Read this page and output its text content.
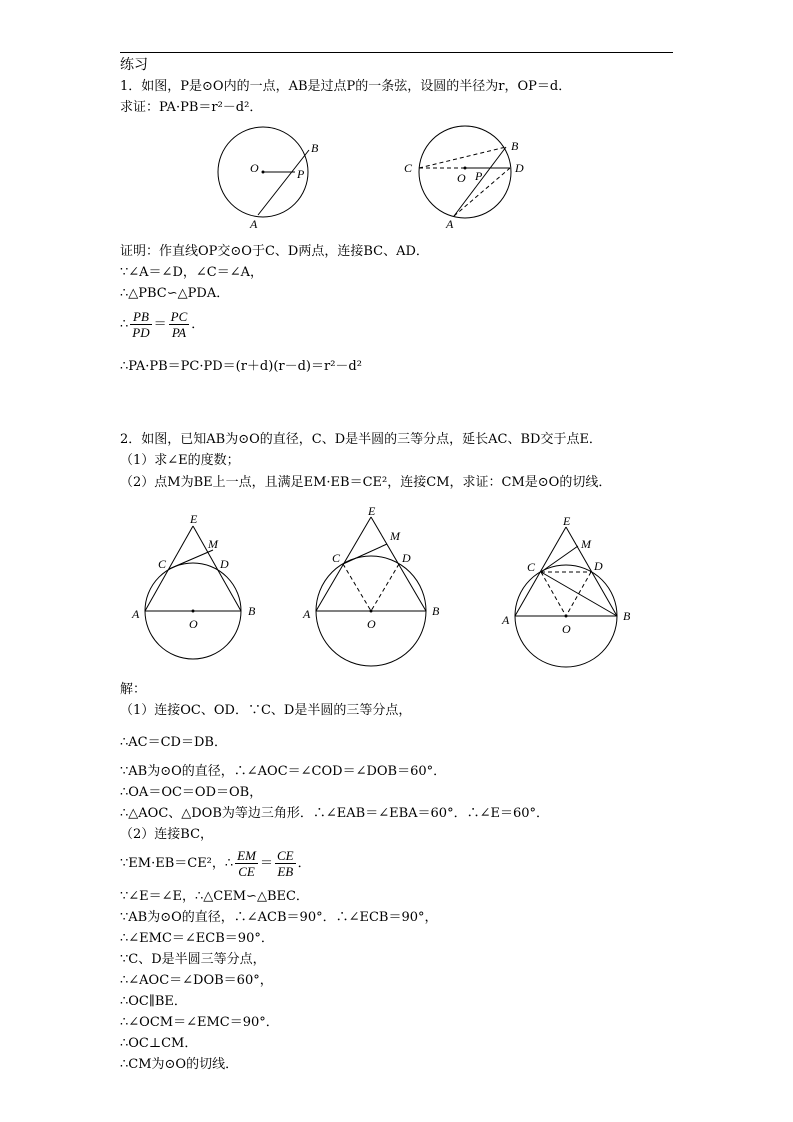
练习
1．如图，P是⊙O内的一点，AB是过点P的一条弦，设圆的半径为r，OP＝d．
求证：PA·PB＝r²－d²．
O
B
P
A
C
O P
B
D
A
证明：作直线OP交⊙O于C、D两点，连接BC、AD．
∵∠A＝∠D，∠C＝∠A，
∴△PBC∽△PDA．
∴ $\frac{PB}{PD} = \frac{PC}{PA}$ ．
∴PA·PB＝PC·PD＝(r＋d)(r－d)＝r²－d²
2．如图，已知AB为⊙O的直径，C、D是半圆的三等分点，延长AC、BD交于点E．
（1）求∠E的度数；
（2）点M为BE上一点，且满足EM·EB＝CE²，连接CM，求证：CM是⊙O的切线．
E
M
C	D
A	B
O
E
M
C	D
A	B
O
E
M
C	D
A	B
O
解：
（1）连接OC、OD．∵C、D是半圆的三等分点，
∴AC＝CD＝DB．
∵AB为⊙O的直径，∴∠AOC＝∠COD＝∠DOB＝60°．
∴OA＝OC＝OD＝OB，
∴△AOC、△DOB为等边三角形．∴∠EAB＝∠EBA＝60°．∴∠E＝60°．
（2）连接BC，
∵EM·EB＝CE²，∴ $\frac{EM}{CE} = \frac{CE}{EB}$ ．
∵∠E＝∠E，∴△CEM∽△BEC．
∵AB为⊙O的直径，∴∠ACB＝90°．∴∠ECB＝90°，
∴∠EMC＝∠ECB＝90°．
∵C、D是半圆三等分点，
∴∠AOC＝∠DOB＝60°，
∴OC∥BE．
∴∠OCM＝∠EMC＝90°．
∴OC⊥CM．
∴CM为⊙O的切线．
